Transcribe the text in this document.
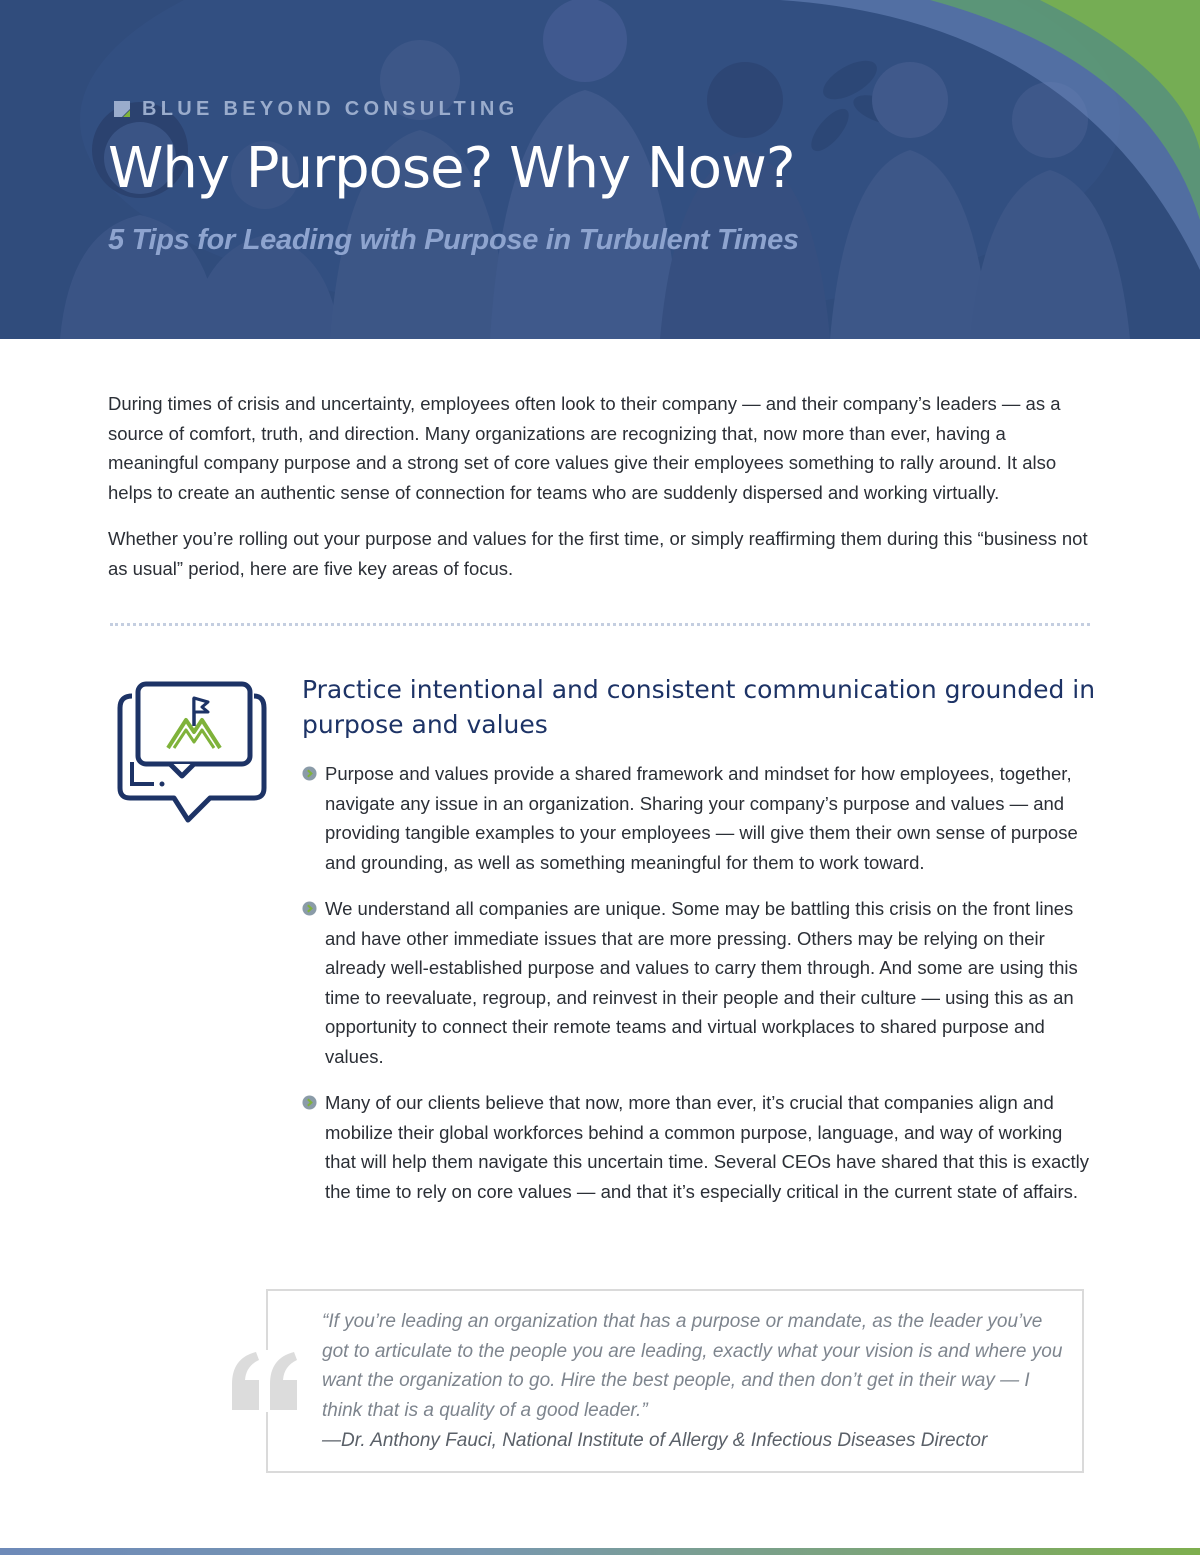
BLUE BEYOND CONSULTING
Why Purpose? Why Now?
5 Tips for Leading with Purpose in Turbulent Times

During times of crisis and uncertainty, employees often look to their company — and their company’s leaders — as a source of comfort, truth, and direction. Many organizations are recognizing that, now more than ever, having a meaningful company purpose and a strong set of core values give their employees something to rally around. It also helps to create an authentic sense of connection for teams who are suddenly dispersed and working virtually.

Whether you’re rolling out your purpose and values for the first time, or simply reaffirming them during this “business not as usual” period, here are five key areas of focus.

Practice intentional and consistent communication grounded in purpose and values
Purpose and values provide a shared framework and mindset for how employees, together, navigate any issue in an organization. Sharing your company’s purpose and values — and providing tangible examples to your employees — will give them their own sense of purpose and grounding, as well as something meaningful for them to work toward.
We understand all companies are unique. Some may be battling this crisis on the front lines and have other immediate issues that are more pressing. Others may be relying on their already well-established purpose and values to carry them through. And some are using this time to reevaluate, regroup, and reinvest in their people and their culture — using this as an opportunity to connect their remote teams and virtual workplaces to shared purpose and values.
Many of our clients believe that now, more than ever, it’s crucial that companies align and mobilize their global workforces behind a common purpose, language, and way of working that will help them navigate this uncertain time. Several CEOs have shared that this is exactly the time to rely on core values — and that it’s especially critical in the current state of affairs.

“If you’re leading an organization that has a purpose or mandate, as the leader you’ve got to articulate to the people you are leading, exactly what your vision is and where you want the organization to go. Hire the best people, and then don’t get in their way — I think that is a quality of a good leader.”

—Dr. Anthony Fauci, National Institute of Allergy & Infectious Diseases Director
